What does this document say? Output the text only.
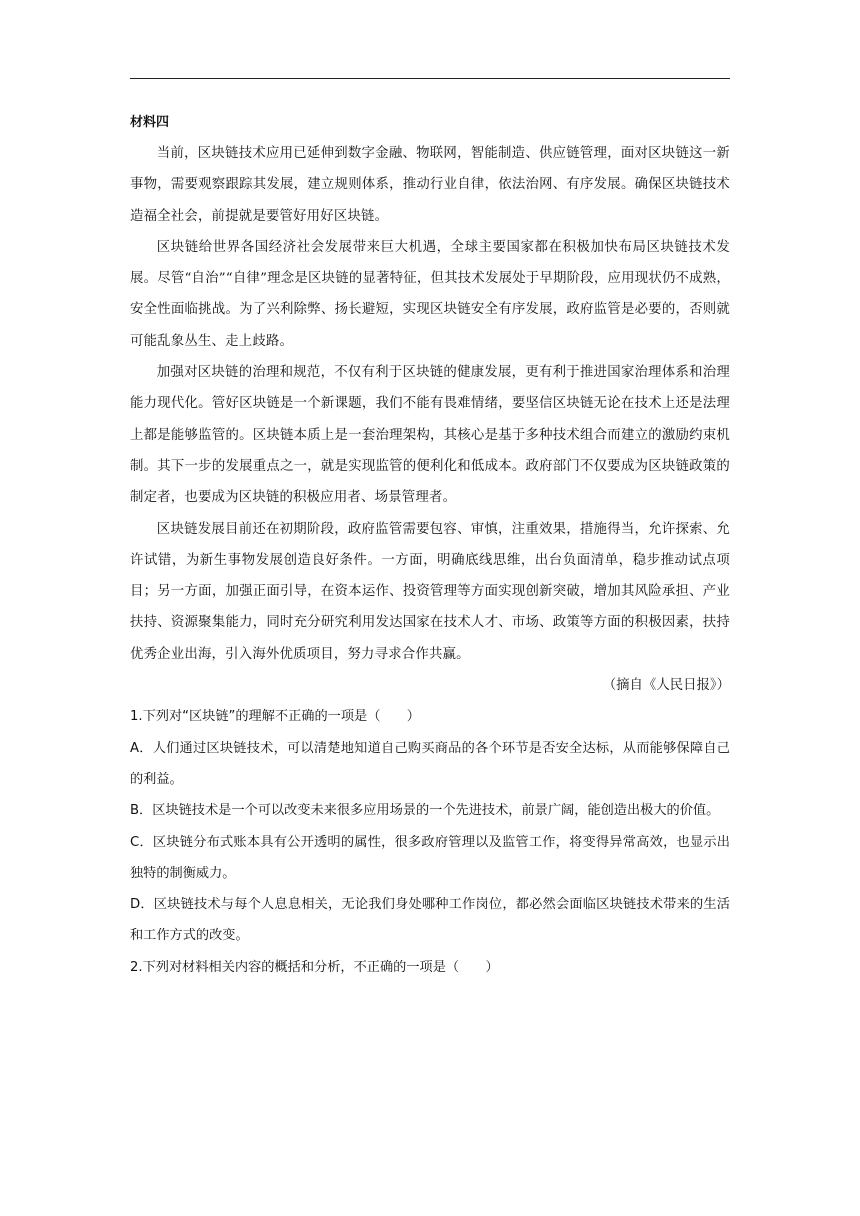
材料四

当前，区块链技术应用已延伸到数字金融、物联网，智能制造、供应链管理，面对区块链这一新事物，需要观察跟踪其发展，建立规则体系，推动行业自律，依法治网、有序发展。确保区块链技术造福全社会，前提就是要管好用好区块链。

区块链给世界各国经济社会发展带来巨大机遇，全球主要国家都在积极加快布局区块链技术发展。尽管“自治”“自律”理念是区块链的显著特征，但其技术发展处于早期阶段，应用现状仍不成熟，安全性面临挑战。为了兴利除弊、扬长避短，实现区块链安全有序发展，政府监管是必要的，否则就可能乱象丛生、走上歧路。

加强对区块链的治理和规范，不仅有利于区块链的健康发展，更有利于推进国家治理体系和治理能力现代化。管好区块链是一个新课题，我们不能有畏难情绪，要坚信区块链无论在技术上还是法理上都是能够监管的。区块链本质上是一套治理架构，其核心是基于多种技术组合而建立的激励约束机制。其下一步的发展重点之一，就是实现监管的便利化和低成本。政府部门不仅要成为区块链政策的制定者，也要成为区块链的积极应用者、场景管理者。

区块链发展目前还在初期阶段，政府监管需要包容、审慎，注重效果，措施得当，允许探索、允许试错，为新生事物发展创造良好条件。一方面，明确底线思维，出台负面清单，稳步推动试点项目；另一方面，加强正面引导，在资本运作、投资管理等方面实现创新突破，增加其风险承担、产业扶持、资源聚集能力，同时充分研究利用发达国家在技术人才、市场、政策等方面的积极因素，扶持优秀企业出海，引入海外优质项目，努力寻求合作共赢。

（摘自《人民日报》）

1.下列对“区块链”的理解不正确的一项是（　　）

A．人们通过区块链技术，可以清楚地知道自己购买商品的各个环节是否安全达标，从而能够保障自己的利益。

B．区块链技术是一个可以改变未来很多应用场景的一个先进技术，前景广阔，能创造出极大的价值。

C．区块链分布式账本具有公开透明的属性，很多政府管理以及监管工作，将变得异常高效，也显示出独特的制衡威力。

D．区块链技术与每个人息息相关，无论我们身处哪种工作岗位，都必然会面临区块链技术带来的生活和工作方式的改变。

2.下列对材料相关内容的概括和分析，不正确的一项是（　　）
